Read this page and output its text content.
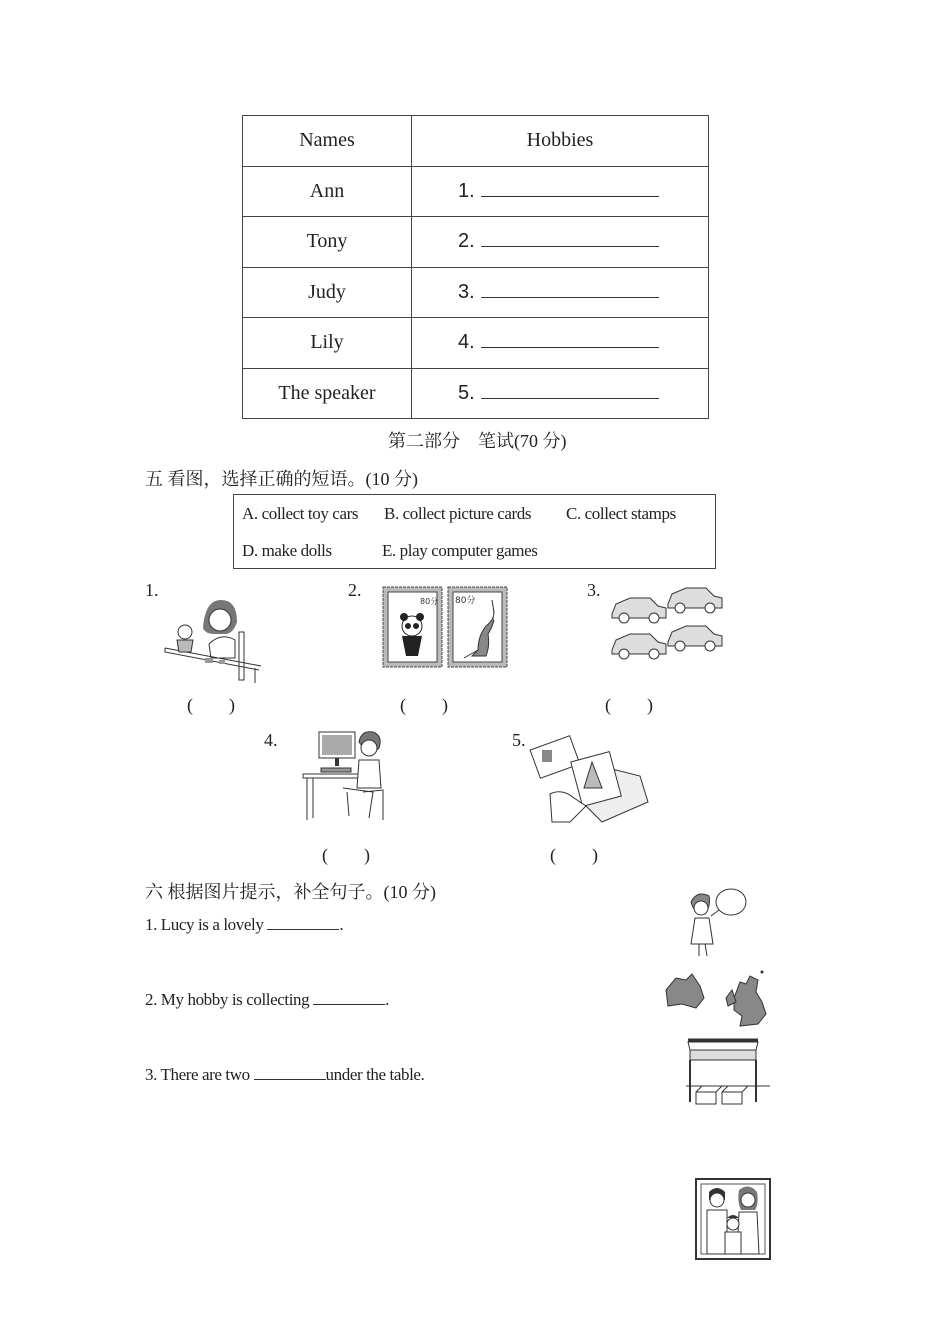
Names	Hobbies
Ann	1.
Tony	2.
Judy	3.
Lily	4.
The speaker	5.
第二部分　笔试(70 分)
五 看图，选择正确的短语。(10 分)
A. collect toy cars B. collect picture cards C. collect stamps
D. make dolls	E. play computer games
1.	2.	3.
4.	5.
80分 80分
(　　)	(　　)	(　　)
(　　)	(　　)
六 根据图片提示，补全句子。(10 分)
1. Lucy is a lovely	.
2. My hobby is collecting	.
3. There are two	under the table.
